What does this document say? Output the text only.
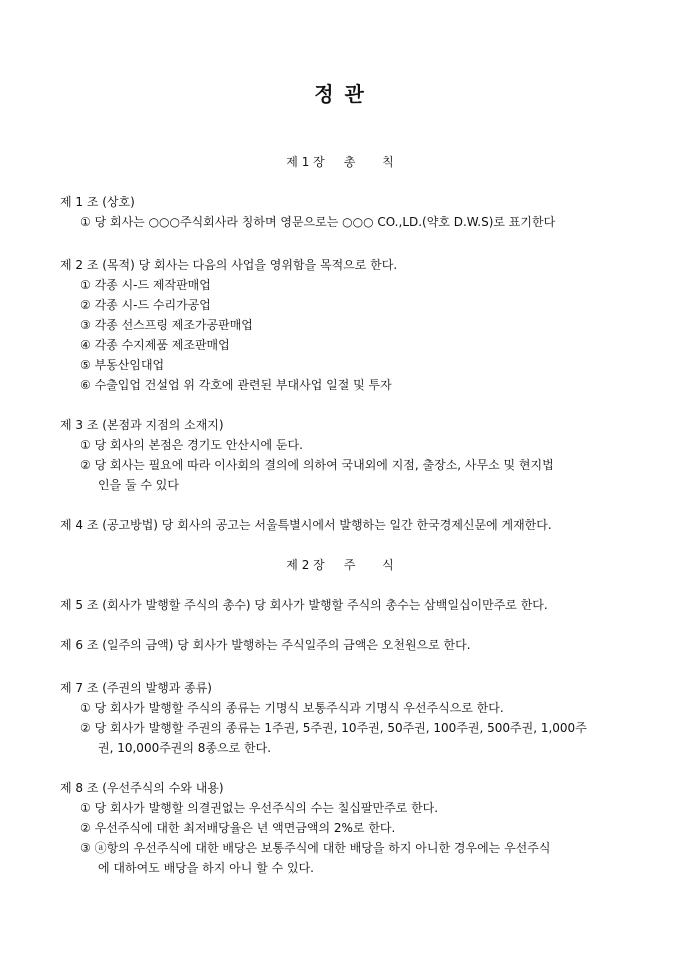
정 관
제 1 장     총       칙
제 1 조 (상호)
① 당 회사는 ○○○주식회사라 칭하며 영문으로는 ○○○ CO.,LD.(약호 D.W.S)로 표기한다
제 2 조 (목적) 당 회사는 다음의 사업을 영위함을 목적으로 한다.
① 각종 시-드 제작판매업
② 각종 시-드 수리가공업
③ 각종 선스프링 제조가공판매업
④ 각종 수지제품 제조판매업
⑤ 부동산임대업
⑥ 수출입업 건설업 위 각호에 관련된 부대사업 일절 및 투자
제 3 조 (본점과 지점의 소재지)
① 당 회사의 본점은 경기도 안산시에 둔다.
② 당 회사는 필요에 따라 이사회의 결의에 의하여 국내외에 지점, 출장소, 사무소 및 현지법
인을 둘 수 있다
제 4 조 (공고방법) 당 회사의 공고는 서울특별시에서 발행하는 일간 한국경제신문에 게재한다.
제 2 장     주       식
제 5 조 (회사가 발행할 주식의 총수) 당 회사가 발행할 주식의 총수는 삼백일십이만주로 한다.
제 6 조 (일주의 금액) 당 회사가 발행하는 주식일주의 금액은 오천원으로 한다.
제 7 조 (주권의 발행과 종류)
① 당 회사가 발행할 주식의 종류는 기명식 보통주식과 기명식 우선주식으로 한다.
② 당 회사가 발행할 주권의 종류는 1주권, 5주권, 10주권, 50주권, 100주권, 500주권, 1,000주
권, 10,000주권의 8종으로 한다.
제 8 조 (우선주식의 수와 내용)
① 당 회사가 발행할 의결권없는 우선주식의 수는 칠십팔만주로 한다.
② 우선주식에 대한 최저배당율은 년 액면금액의 2%로 한다.
③ ⓐ항의 우선주식에 대한 배당은 보통주식에 대한 배당을 하지 아니한 경우에는 우선주식
에 대하여도 배당을 하지 아니 할 수 있다.
